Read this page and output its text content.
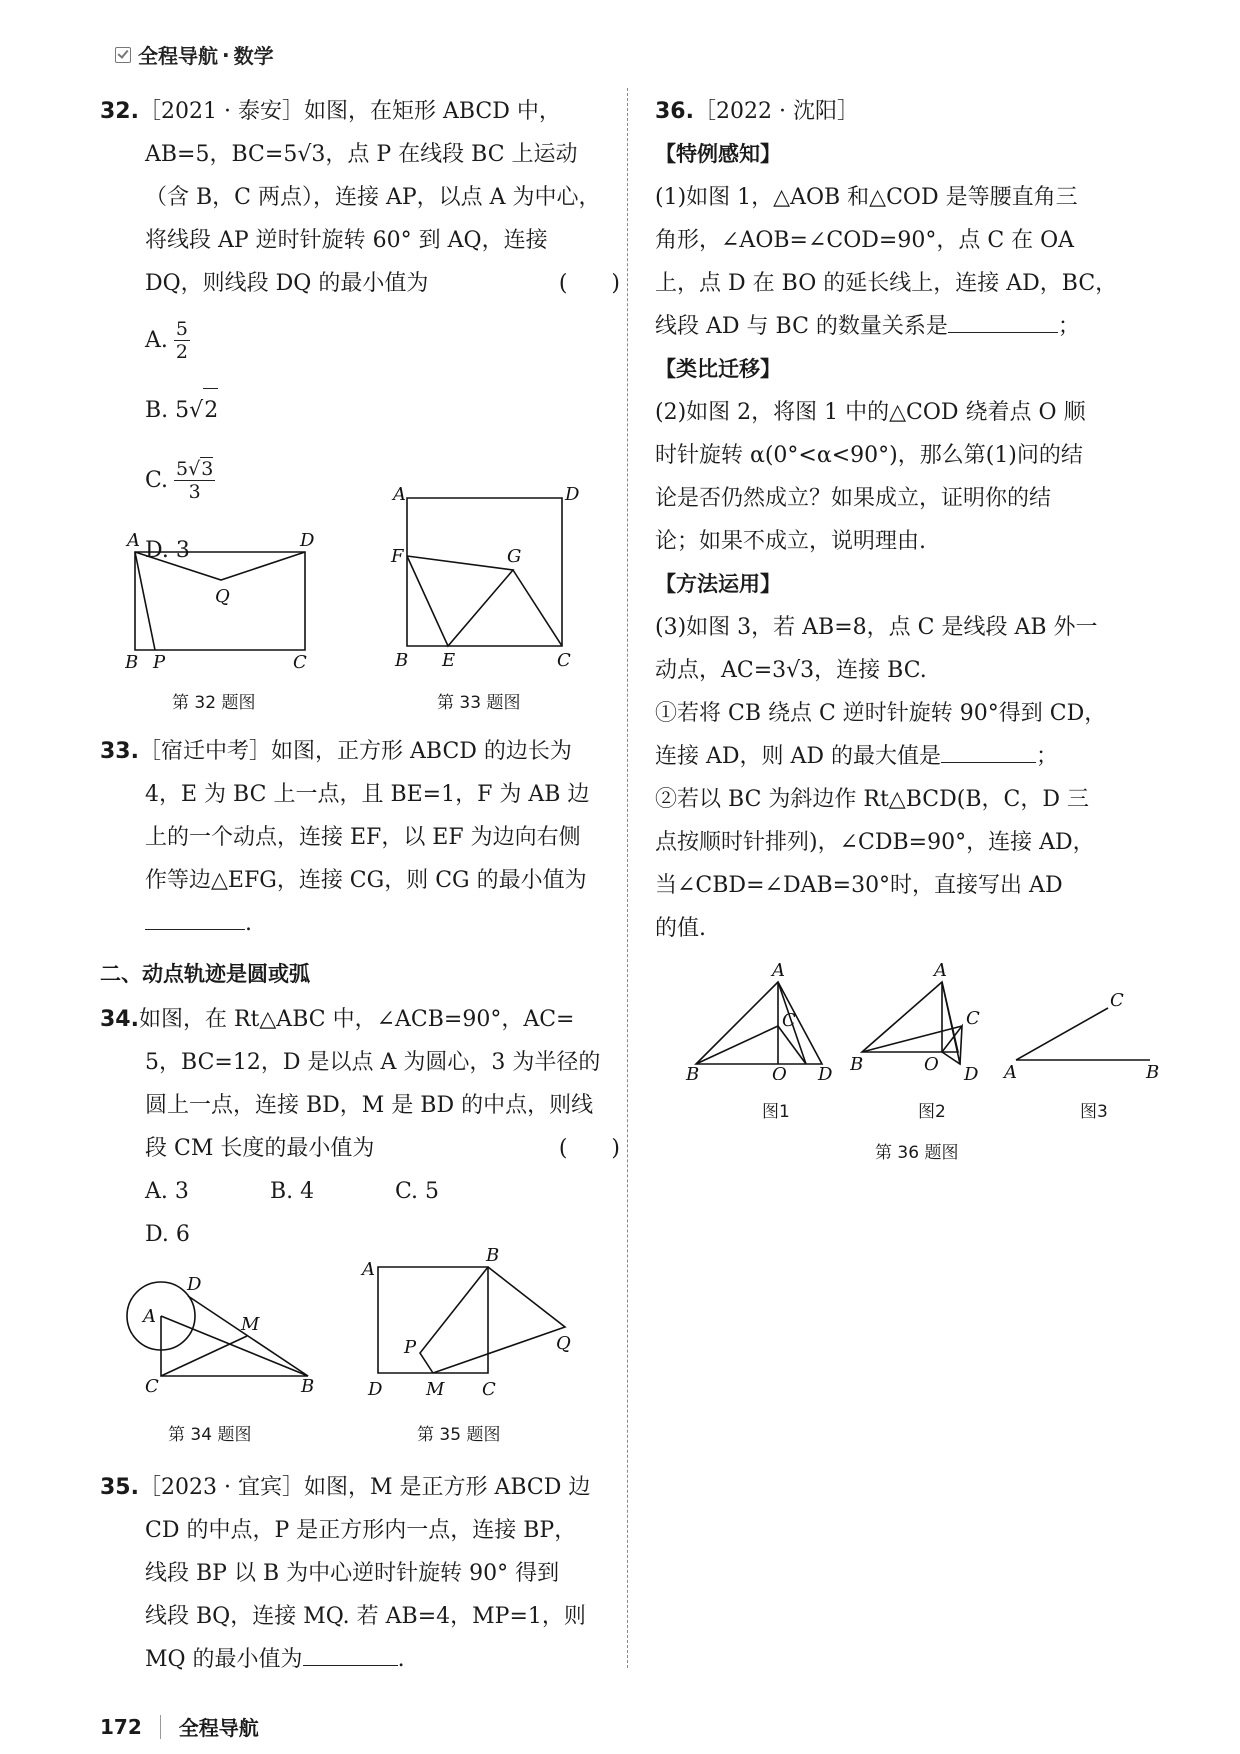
全程导航 · 数学
32.［2021 · 泰安］如图，在矩形 ABCD 中，
AB=5，BC=5√3，点 P 在线段 BC 上运动
（含 B，C 两点），连接 AP，以点 A 为中心，
将线段 AP 逆时针旋转 60° 到 AQ，连接
DQ，则线段 DQ 的最小值为	(　　)
A. $\frac{5}{2}$
B. 5 √ 2
C. $\frac{5√3}{3}$
D. 3
A	D
Q
B P	C
第 32 题图
A	D
F	G
B E	C
第 33 题图
33.［宿迁中考］如图，正方形 ABCD 的边长为
4，E 为 BC 上一点，且 BE=1，F 为 AB 边
上的一个动点，连接 EF，以 EF 为边向右侧
作等边△EFG，连接 CG，则 CG 的最小值为
.
二、动点轨迹是圆或弧
34.如图，在 Rt△ABC 中，∠ACB=90°，AC=
5，BC=12，D 是以点 A 为圆心，3 为半径的
圆上一点，连接 BD，M 是 BD 的中点，则线
段 CM 长度的最小值为	(　　)
A. 3	B. 4	C. 5
D. 6
D
A	M
C	B
第 34 题图
A
B
P	Q
D M C
第 35 题图
35.［2023 · 宜宾］如图，M 是正方形 ABCD 边
CD 的中点，P 是正方形内一点，连接 BP，
线段 BP 以 B 为中心逆时针旋转 90° 得到
线段 BQ，连接 MQ. 若 AB=4，MP=1，则
MQ 的最小值为	.
36.［2022 · 沈阳］
【特例感知】
(1)如图 1，△AOB 和△COD 是等腰直角三
角形，∠AOB=∠COD=90°，点 C 在 OA
上，点 D 在 BO 的延长线上，连接 AD，BC，
线段 AD 与 BC 的数量关系是	；
【类比迁移】
(2)如图 2，将图 1 中的△COD 绕着点 O 顺
时针旋转 α(0°<α<90°)，那么第(1)问的结
论是否仍然成立？如果成立，证明你的结
论；如果不成立，说明理由.
【方法运用】
(3)如图 3，若 AB=8，点 C 是线段 AB 外一
动点，AC=3√3，连接 BC.
①若将 CB 绕点 C 逆时针旋转 90°得到 CD，
连接 AD，则 AD 的最大值是	；
②若以 BC 为斜边作 Rt△BCD(B，C，D 三
点按顺时针排列)，∠CDB=90°，连接 AD，
当∠CBD=∠DAB=30°时，直接写出 AD
的值.
A
C
B	O D
图1
A
C
B	O D
图2
C
A	B
图3
第 36 题图
172 全程导航
